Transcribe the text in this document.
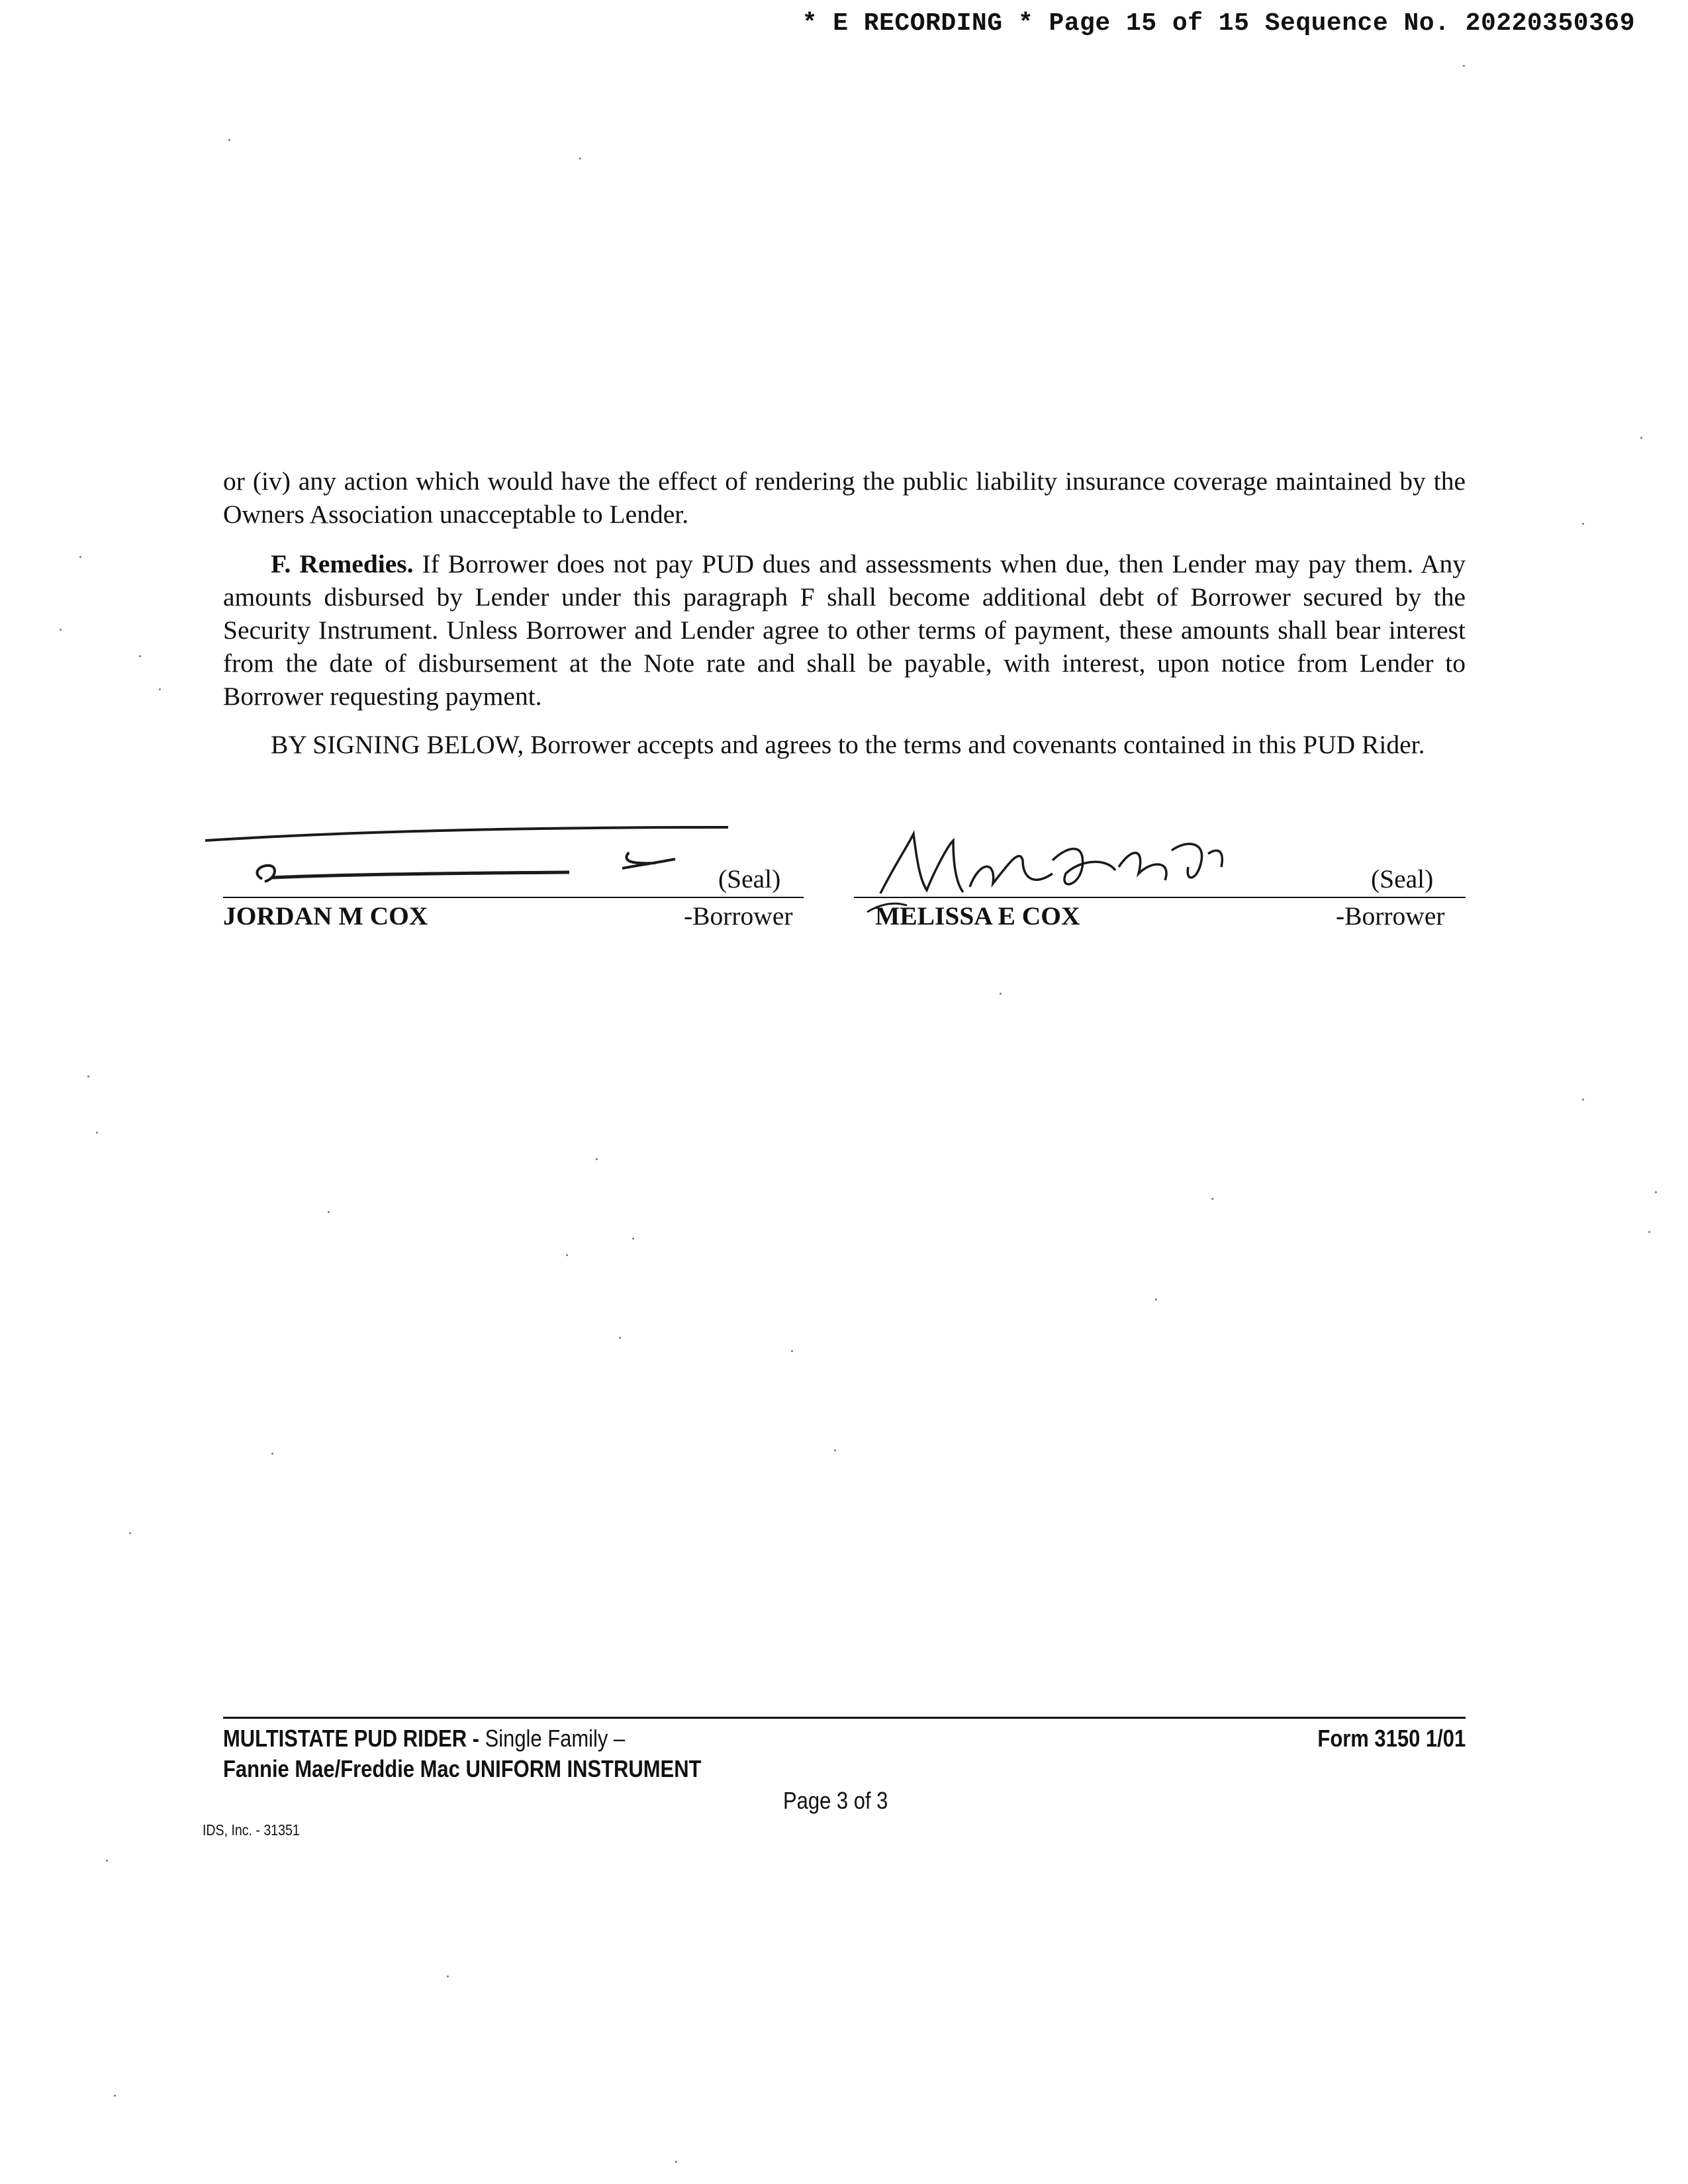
* E RECORDING * Page 15 of 15 Sequence No. 20220350369
or (iv) any action which would have the effect of rendering the public liability insurance coverage maintained by the Owners Association unacceptable to Lender.
F. Remedies. If Borrower does not pay PUD dues and assessments when due, then Lender may pay them. Any amounts disbursed by Lender under this paragraph F shall become additional debt of Borrower secured by the Security Instrument. Unless Borrower and Lender agree to other terms of payment, these amounts shall bear interest from the date of disbursement at the Note rate and shall be payable, with interest, upon notice from Lender to Borrower requesting payment.
BY SIGNING BELOW, Borrower accepts and agrees to the terms and covenants contained in this PUD Rider.
(Seal)
JORDAN M COX	-Borrower
(Seal)
MELISSA E COX	-Borrower
MULTISTATE PUD RIDER - Single Family –
Fannie Mae/Freddie Mac UNIFORM INSTRUMENT
Form 3150 1/01
Page 3 of 3
IDS, Inc. - 31351
